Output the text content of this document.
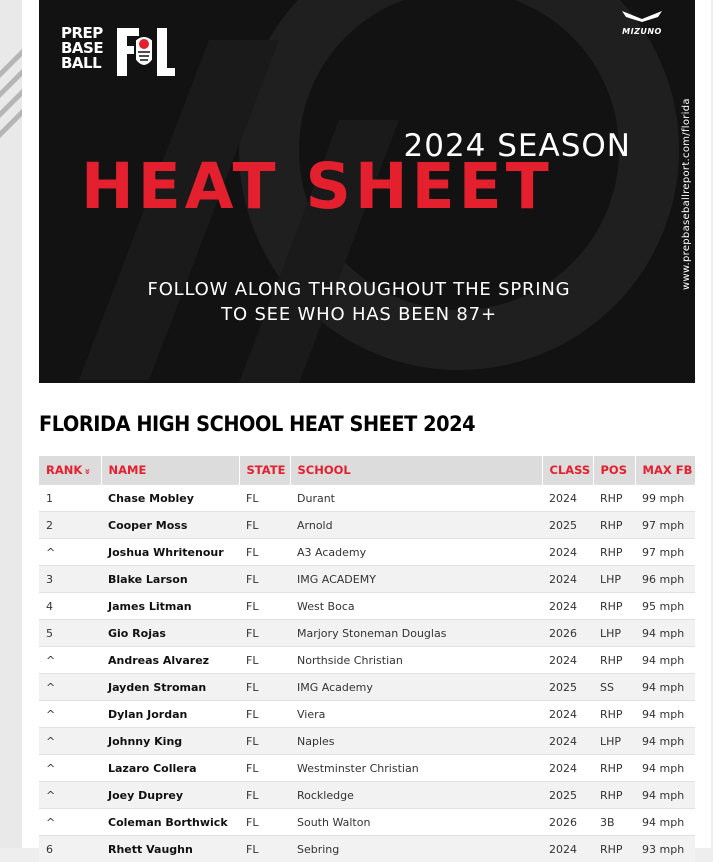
PREP
BASE
BALL
MIZUNO
2024 SEASON
HEAT SHEET
FOLLOW ALONG THROUGHOUT THE SPRING
TO SEE WHO HAS BEEN 87+
www.prepbaseballreport.com/florida
FLORIDA HIGH SCHOOL HEAT SHEET 2024
RANK»	NAME	STATE	SCHOOL	CLASS	POS	MAX FB
1	Chase Mobley	FL	Durant	2024	RHP	99 mph
2	Cooper Moss	FL	Arnold	2025	RHP	97 mph
^	Joshua Whritenour	FL	A3 Academy	2024	RHP	97 mph
3	Blake Larson	FL	IMG ACADEMY	2024	LHP	96 mph
4	James Litman	FL	West Boca	2024	RHP	95 mph
5	Gio Rojas	FL	Marjory Stoneman Douglas	2026	LHP	94 mph
^	Andreas Alvarez	FL	Northside Christian	2024	RHP	94 mph
^	Jayden Stroman	FL	IMG Academy	2025	SS	94 mph
^	Dylan Jordan	FL	Viera	2024	RHP	94 mph
^	Johnny King	FL	Naples	2024	LHP	94 mph
^	Lazaro Collera	FL	Westminster Christian	2024	RHP	94 mph
^	Joey Duprey	FL	Rockledge	2025	RHP	94 mph
^	Coleman Borthwick	FL	South Walton	2026	3B	94 mph
6	Rhett Vaughn	FL	Sebring	2024	RHP	93 mph
